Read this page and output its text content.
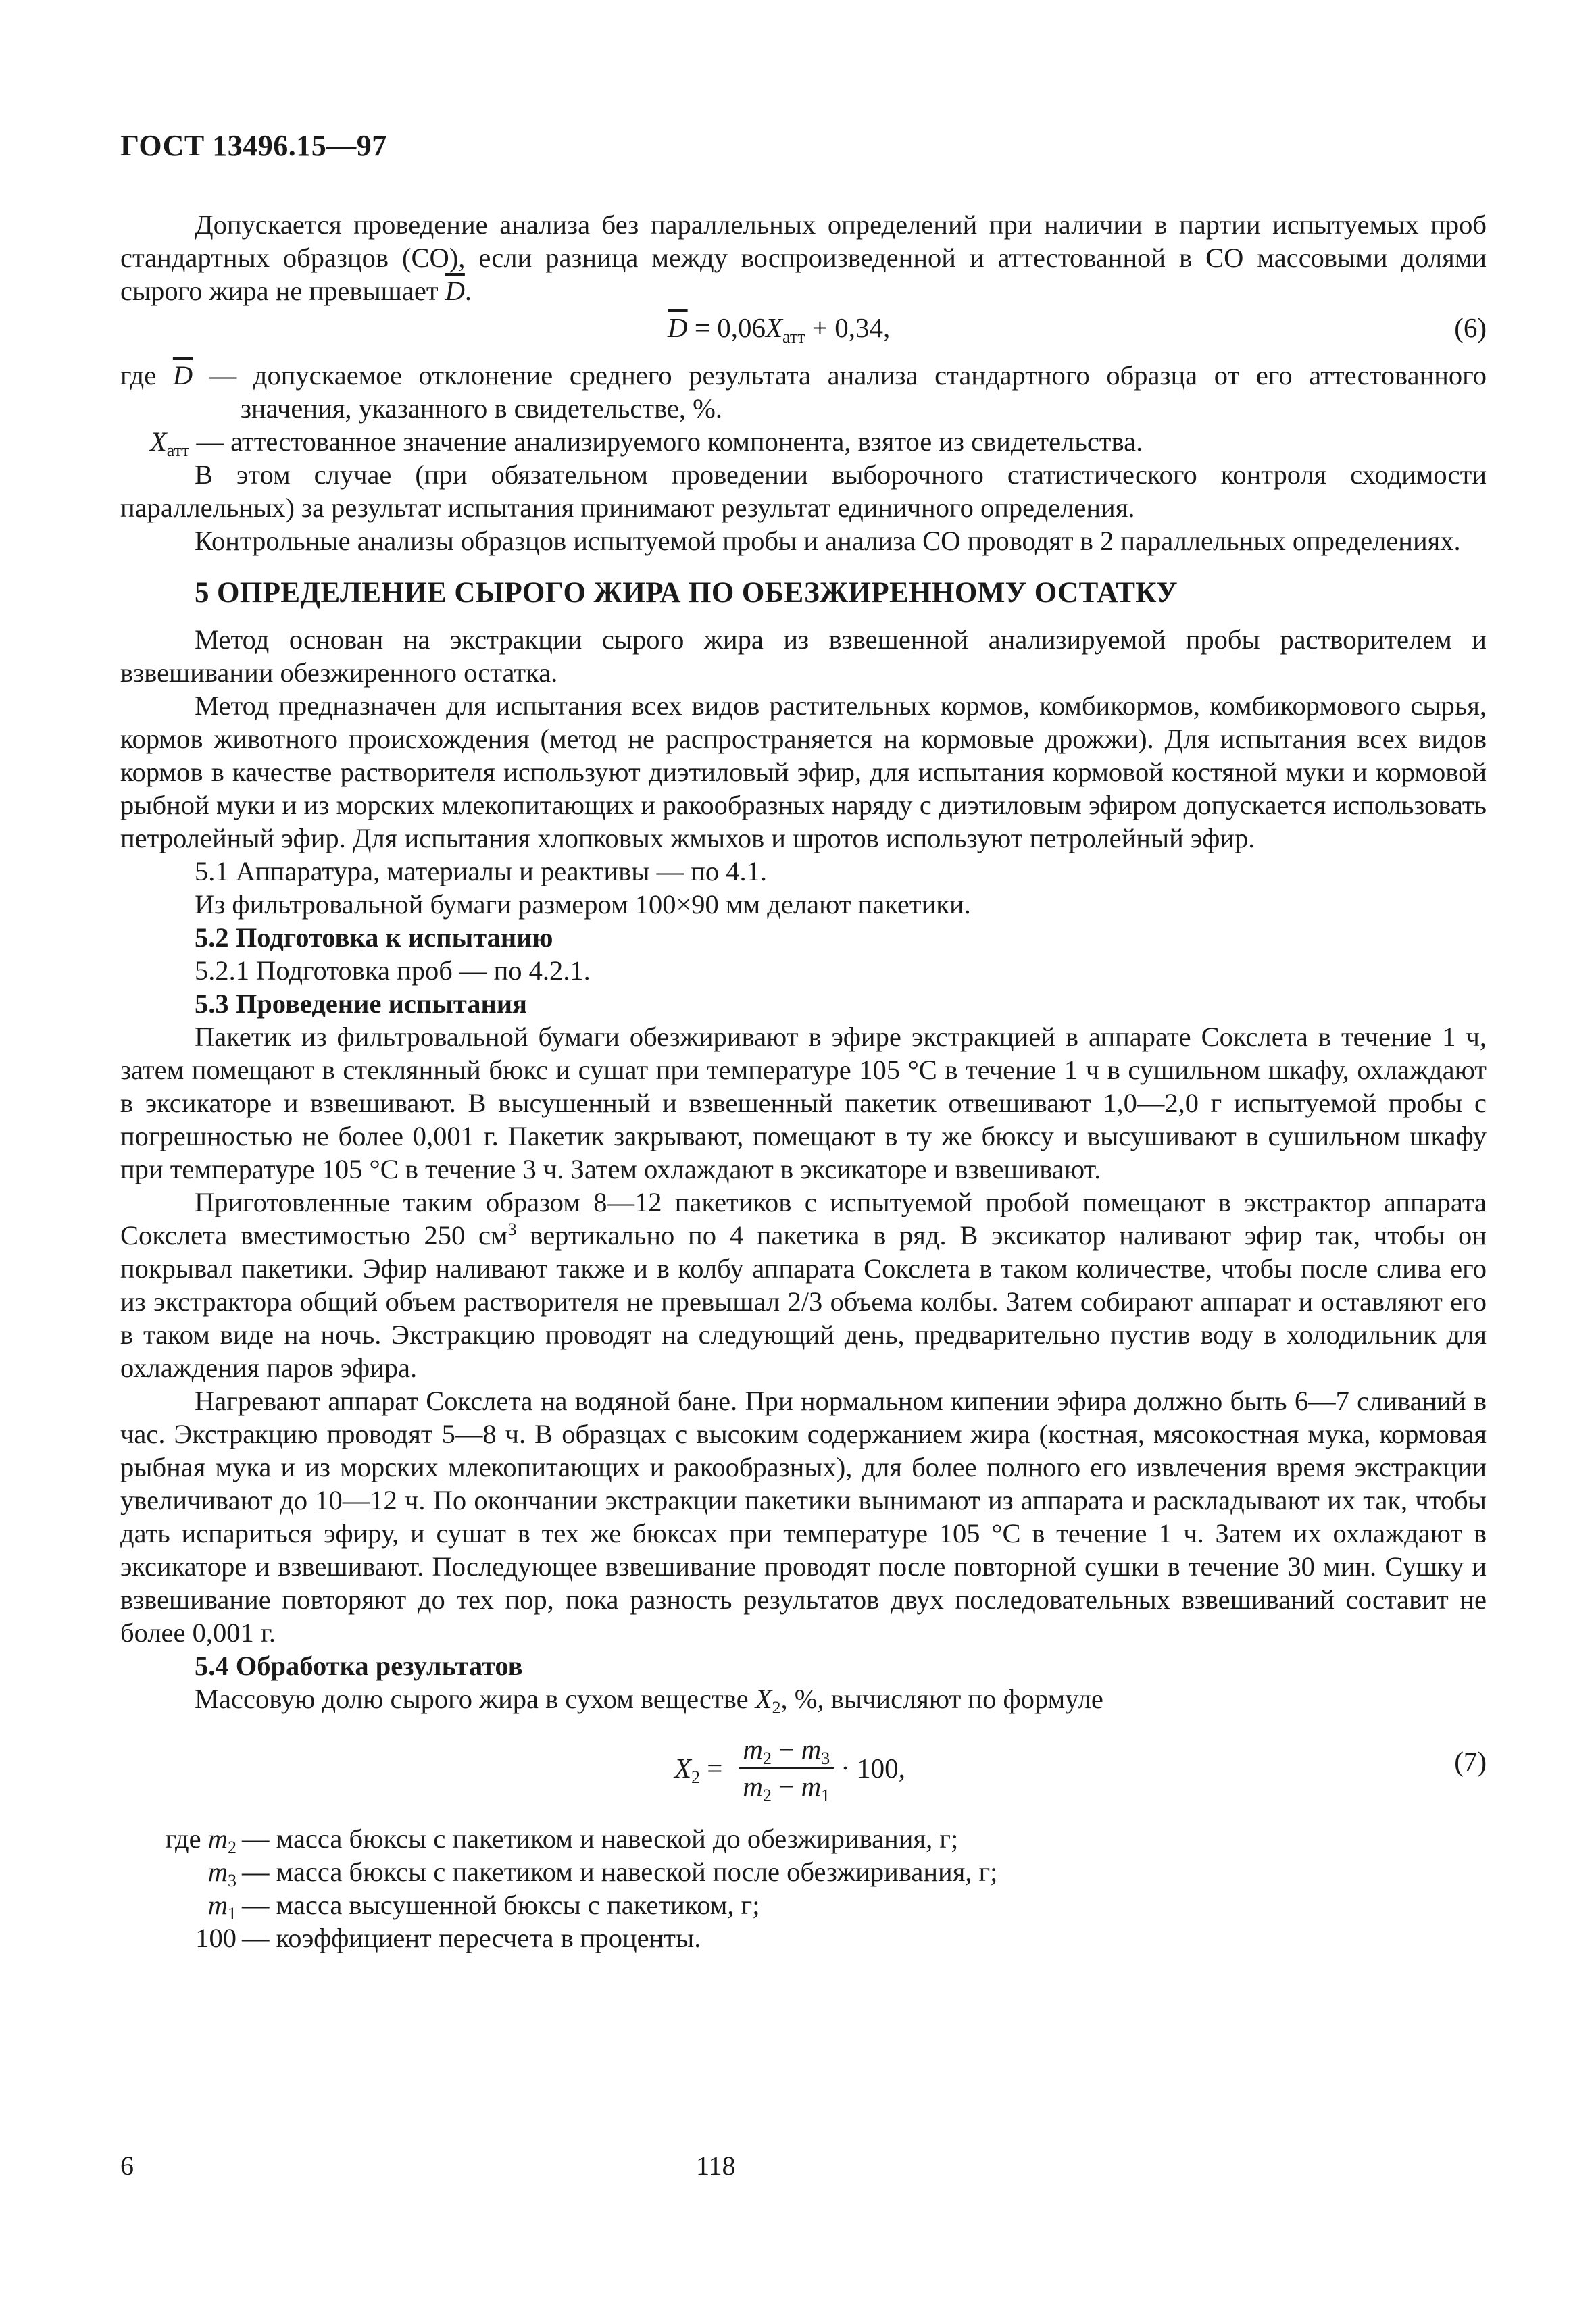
ГОСТ 13496.15—97

Допускается проведение анализа без параллельных определений при наличии в партии испытуемых проб стандартных образцов (СО), если разница между воспроизведенной и аттестованной в СО массовыми долями сырого жира не превышает $\overline{D}$.

$\overline{D} = 0,06X_{атт} + 0,34$,	(6)

где $\overline{D}$ — допускаемое отклонение среднего результата анализа стандартного образца от его аттестованного значения, указанного в свидетельстве, %.

$X_{атт}$ — аттестованное значение анализируемого компонента, взятое из свидетельства.

В этом случае (при обязательном проведении выборочного статистического контроля сходимости параллельных) за результат испытания принимают результат единичного определения.

Контрольные анализы образцов испытуемой пробы и анализа СО проводят в 2 параллельных определениях.

5 ОПРЕДЕЛЕНИЕ СЫРОГО ЖИРА ПО ОБЕЗЖИРЕННОМУ ОСТАТКУ

Метод основан на экстракции сырого жира из взвешенной анализируемой пробы растворителем и взвешивании обезжиренного остатка.

Метод предназначен для испытания всех видов растительных кормов, комбикормов, комбикормового сырья, кормов животного происхождения (метод не распространяется на кормовые дрожжи). Для испытания всех видов кормов в качестве растворителя используют диэтиловый эфир, для испытания кормовой костяной муки и кормовой рыбной муки и из морских млекопитающих и ракообразных наряду с диэтиловым эфиром допускается использовать петролейный эфир. Для испытания хлопковых жмыхов и шротов используют петролейный эфир.

5.1 Аппаратура, материалы и реактивы — по 4.1.

Из фильтровальной бумаги размером 100×90 мм делают пакетики.

5.2 Подготовка к испытанию

5.2.1 Подготовка проб — по 4.2.1.

5.3 Проведение испытания

Пакетик из фильтровальной бумаги обезжиривают в эфире экстракцией в аппарате Сокслета в течение 1 ч, затем помещают в стеклянный бюкс и сушат при температуре 105 °С в течение 1 ч в сушильном шкафу, охлаждают в эксикаторе и взвешивают. В высушенный и взвешенный пакетик отвешивают 1,0—2,0 г испытуемой пробы с погрешностью не более 0,001 г. Пакетик закрывают, помещают в ту же бюксу и высушивают в сушильном шкафу при температуре 105 °С в течение 3 ч. Затем охлаждают в эксикаторе и взвешивают.

Приготовленные таким образом 8—12 пакетиков с испытуемой пробой помещают в экстрактор аппарата Сокслета вместимостью 250 $см^3$ вертикально по 4 пакетика в ряд. В эксикатор наливают эфир так, чтобы он покрывал пакетики. Эфир наливают также и в колбу аппарата Сокслета в таком количестве, чтобы после слива его из экстрактора общий объем растворителя не превышал 2/3 объема колбы. Затем собирают аппарат и оставляют его в таком виде на ночь. Экстракцию проводят на следующий день, предварительно пустив воду в холодильник для охлаждения паров эфира.

Нагревают аппарат Сокслета на водяной бане. При нормальном кипении эфира должно быть 6—7 сливаний в час. Экстракцию проводят 5—8 ч. В образцах с высоким содержанием жира (костная, мясокостная мука, кормовая рыбная мука и из морских млекопитающих и ракообразных), для более полного его извлечения время экстракции увеличивают до 10—12 ч. По окончании экстракции пакетики вынимают из аппарата и раскладывают их так, чтобы дать испариться эфиру, и сушат в тех же бюксах при температуре 105 °С в течение 1 ч. Затем их охлаждают в эксикаторе и взвешивают. Последующее взвешивание проводят после повторной сушки в течение 30 мин. Сушку и взвешивание повторяют до тех пор, пока разность результатов двух последовательных взвешиваний составит не более 0,001 г.

5.4 Обработка результатов

Массовую долю сырого жира в сухом веществе $X_2$, %, вычисляют по формуле

$X_2 = \frac{m_2 - m_3}{m_2 - m_1} \cdot 100$,	(7)
где $m_2$ — масса бюксы с пакетиком и навеской до обезжиривания, г;
$m_3$ — масса бюксы с пакетиком и навеской после обезжиривания, г;
$m_1$ — масса высушенной бюксы с пакетиком, г;
100 — коэффициент пересчета в проценты.
6	118
